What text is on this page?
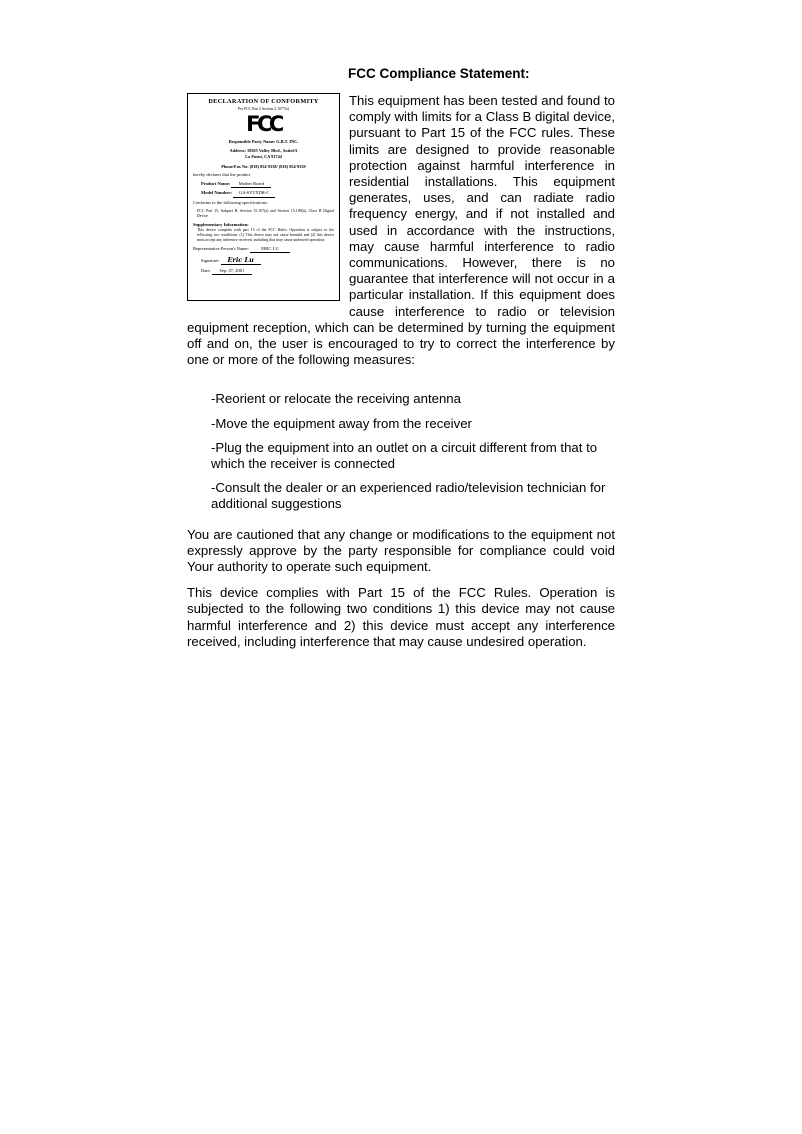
FCC Compliance Statement:
DECLARATION OF CONFORMITY
Per FCC Part 2 Section 2.1077(a)
FCC
Responsible Party Name: G.B.T. INC.
Address: 18305 Valley Blvd., Suite#A
La Puent, CA 91744
Phone/Fax No: (818) 854-9338/ (818) 854-9339
hereby declares that the product
Product Name: Mother Board
Model Number: GA-6VTXDR-C
Conforms to the following specifications:
FCC Part 15, Subpart B, Section 15.107(a) and Section 15.109(a), Class B Digital Device
Supplementary Information:
This device complies with part 15 of the FCC Rules. Operation is subject to the following two conditions: (1) This device may not cause harmful and (2) this device must accept any inference received, including that may cause undesired operation.
Representative Person's Name:	ERIC LU
Signature: Eric Lu
Date: Sep. 07, 2001

This equipment has been tested and found to comply with limits for a Class B digital device, pursuant to Part 15 of the FCC rules. These limits are designed to provide reasonable protection against harmful interference in residential installations. This equipment generates, uses, and can radiate radio frequency energy, and if not installed and used in accordance with the instructions, may cause harmful interference to radio communications. However, there is no guarantee that interference will not occur in a particular installation. If this equipment does cause interference to radio or television equipment reception, which can be determined by turning the equipment off and on, the user is encouraged to try to correct the interference by one or more of the following measures:

-Reorient or relocate the receiving antenna

-Move the equipment away from the receiver

-Plug the equipment into an outlet on a circuit different from that to which the receiver is connected

-Consult the dealer or an experienced radio/television technician for additional suggestions

You are cautioned that any change or modifications to the equipment not expressly approve by the party responsible for compliance could void Your authority to operate such equipment.

This device complies with Part 15 of the FCC Rules. Operation is subjected to the following two conditions 1) this device may not cause harmful interference and 2) this device must accept any interference received, including interference that may cause undesired operation.
